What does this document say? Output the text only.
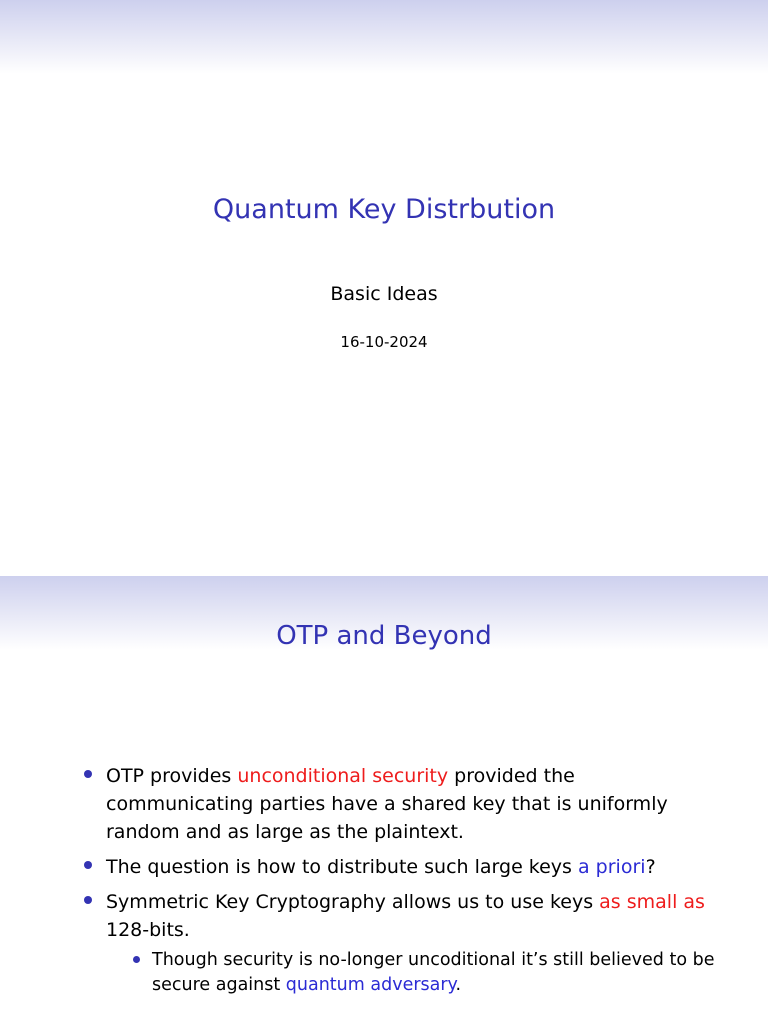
Quantum Key Distrbution
Basic Ideas
16-10-2024
OTP and Beyond
OTP provides unconditional security provided the communicating parties have a shared key that is uniformly random and as large as the plaintext.
The question is how to distribute such large keys a priori?
Symmetric Key Cryptography allows us to use keys as small as 128-bits.
Though security is no-longer uncoditional it’s still believed to be secure against quantum adversary.
